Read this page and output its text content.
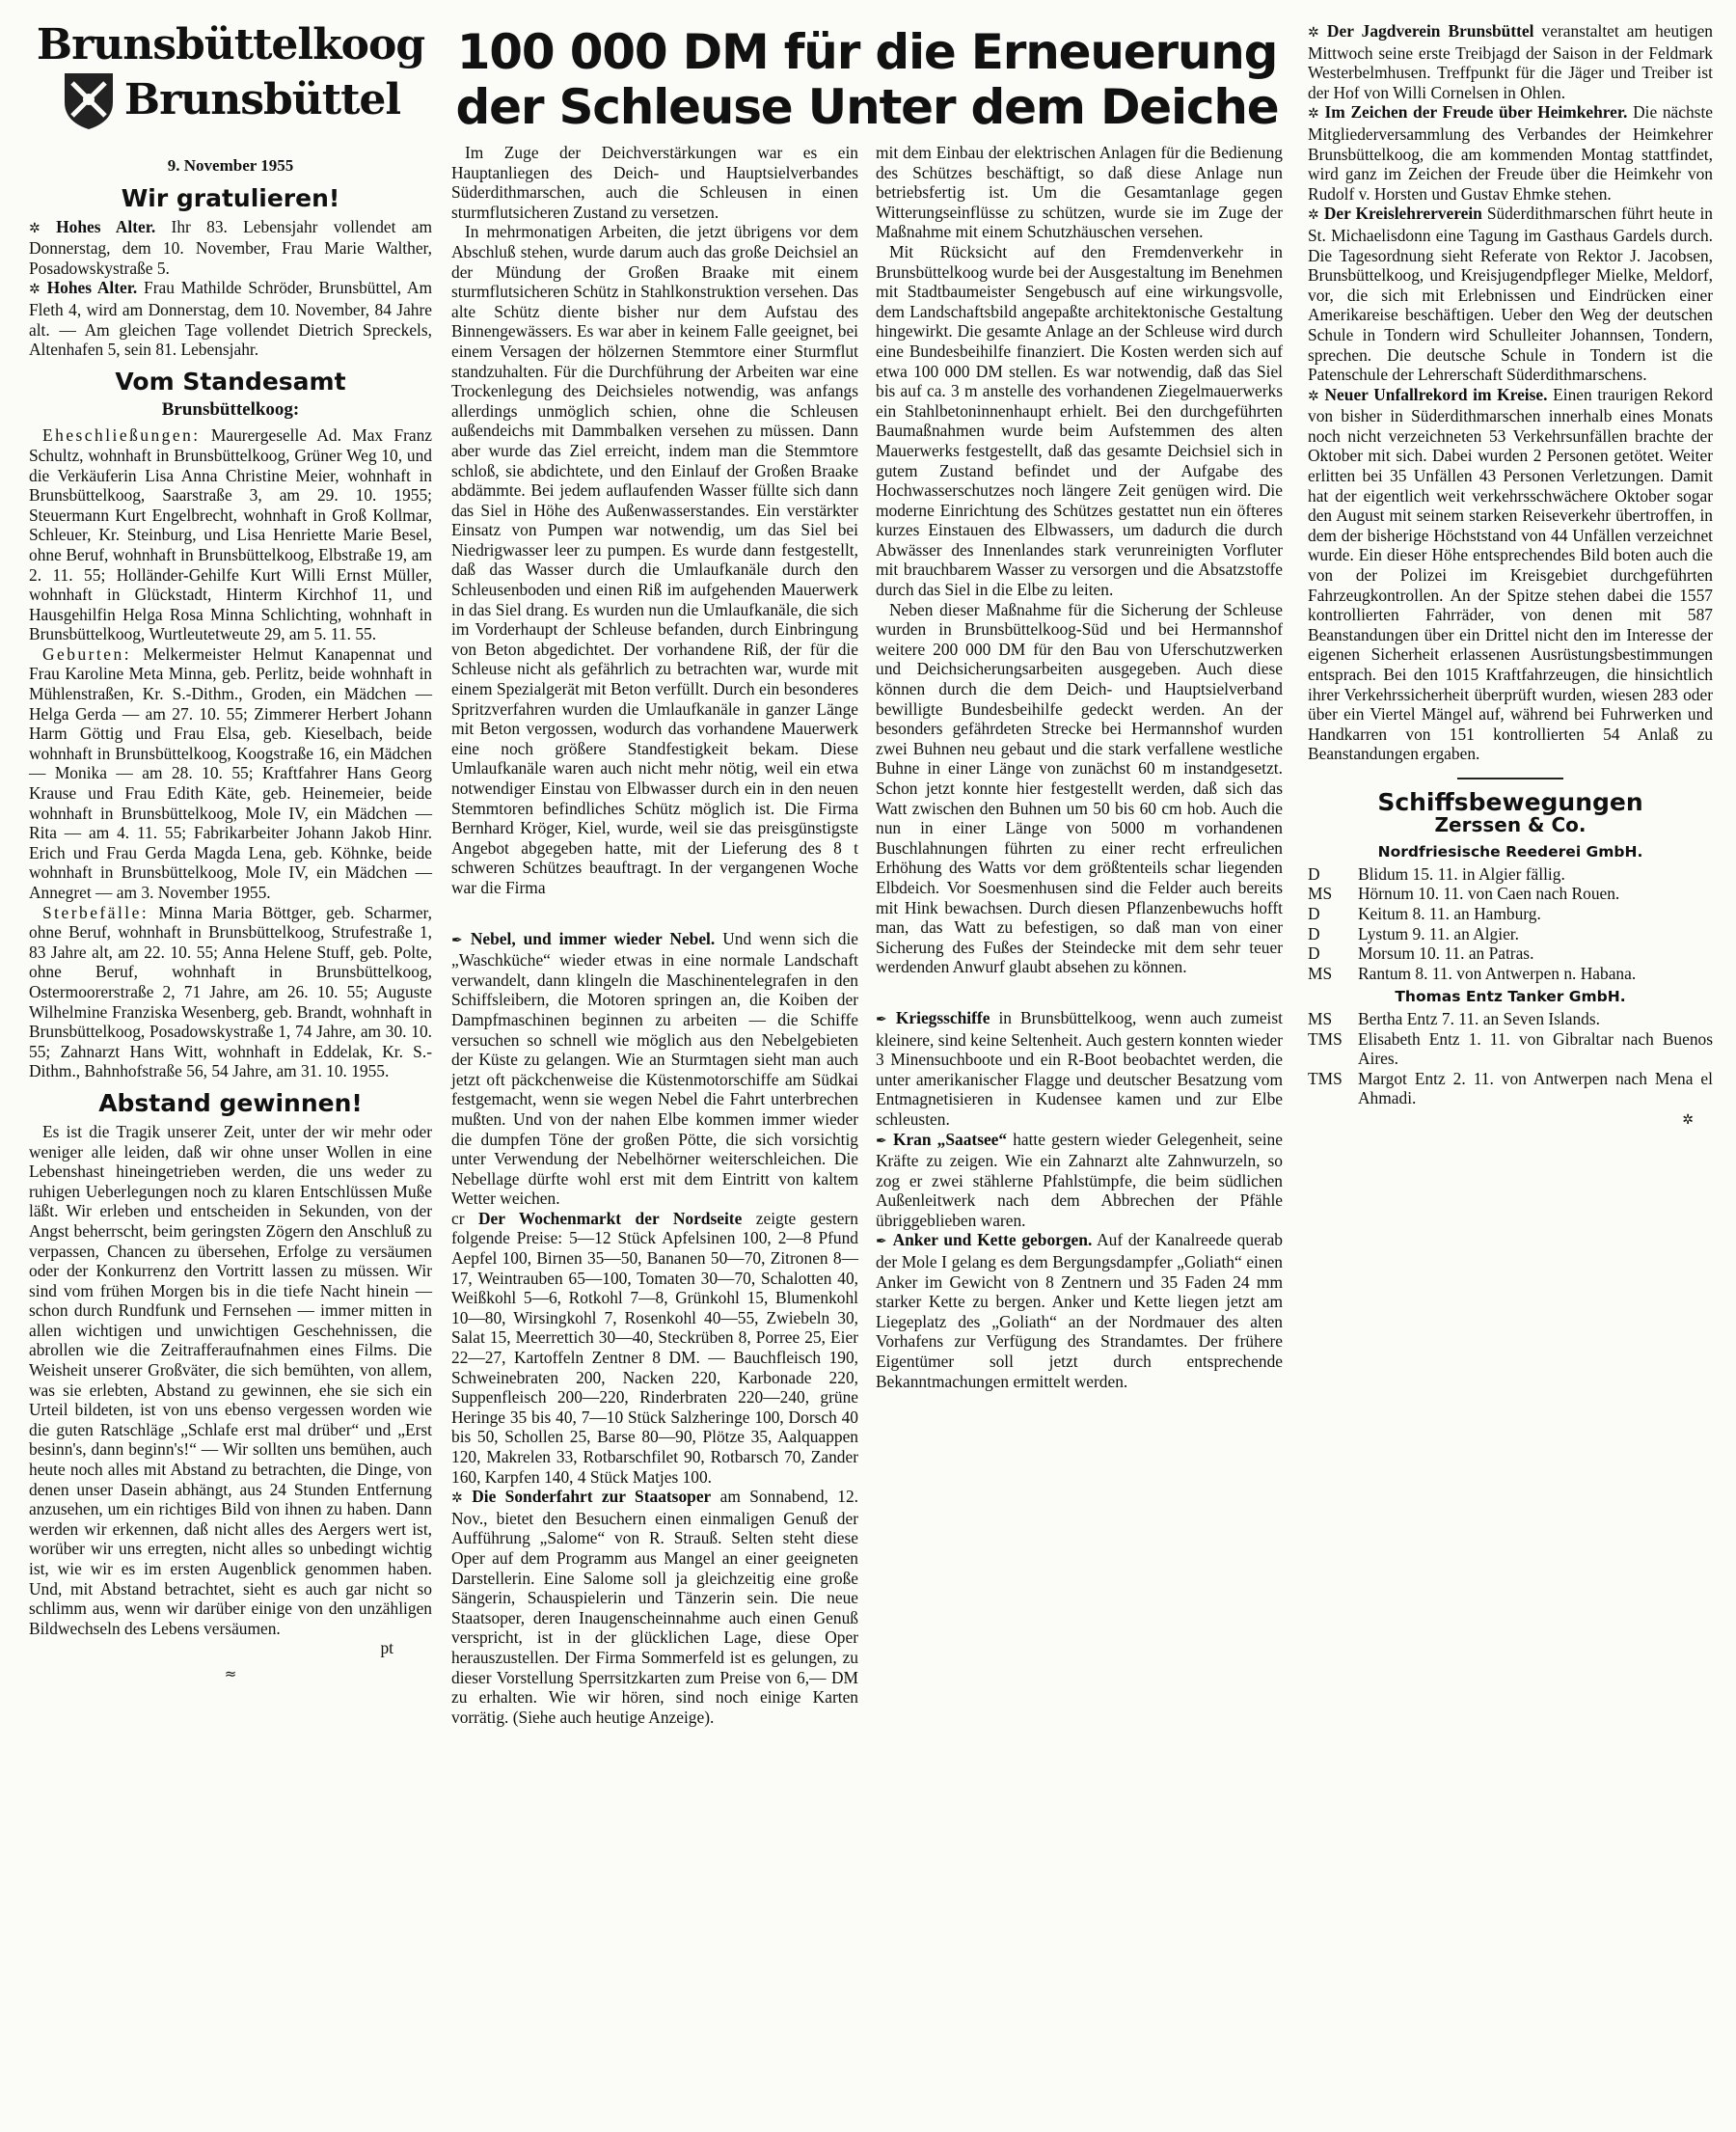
Brunsbüttelkoog
Brunsbüttel
9. November 1955
Wir gratulieren!

✲ Hohes Alter. Ihr 83. Lebensjahr vollendet am Donnerstag, dem 10. November, Frau Marie Walther, Posadowskystraße 5.

✲ Hohes Alter. Frau Mathilde Schröder, Brunsbüttel, Am Fleth 4, wird am Donnerstag, dem 10. November, 84 Jahre alt. — Am gleichen Tage vollendet Dietrich Spreckels, Altenhafen 5, sein 81. Lebensjahr.

Vom Standesamt
Brunsbüttelkoog:

Eheschließungen: Maurergeselle Ad. Max Franz Schultz, wohnhaft in Brunsbüttelkoog, Grüner Weg 10, und die Verkäuferin Lisa Anna Christine Meier, wohnhaft in Brunsbüttelkoog, Saarstraße 3, am 29. 10. 1955; Steuermann Kurt Engelbrecht, wohnhaft in Groß Kollmar, Schleuer, Kr. Steinburg, und Lisa Henriette Marie Besel, ohne Beruf, wohnhaft in Brunsbüttelkoog, Elbstraße 19, am 2. 11. 55; Holländer-Gehilfe Kurt Willi Ernst Müller, wohnhaft in Glückstadt, Hinterm Kirchhof 11, und Hausgehilfin Helga Rosa Minna Schlichting, wohnhaft in Brunsbüttelkoog, Wurtleutetweute 29, am 5. 11. 55.

Geburten: Melkermeister Helmut Kanapennat und Frau Karoline Meta Minna, geb. Perlitz, beide wohnhaft in Mühlenstraßen, Kr. S.-Dithm., Groden, ein Mädchen — Helga Gerda — am 27. 10. 55; Zimmerer Herbert Johann Harm Göttig und Frau Elsa, geb. Kieselbach, beide wohnhaft in Brunsbüttelkoog, Koogstraße 16, ein Mädchen — Monika — am 28. 10. 55; Kraftfahrer Hans Georg Krause und Frau Edith Käte, geb. Heinemeier, beide wohnhaft in Brunsbüttelkoog, Mole IV, ein Mädchen — Rita — am 4. 11. 55; Fabrikarbeiter Johann Jakob Hinr. Erich und Frau Gerda Magda Lena, geb. Köhnke, beide wohnhaft in Brunsbüttelkoog, Mole IV, ein Mädchen — Annegret — am 3. November 1955.

Sterbefälle: Minna Maria Böttger, geb. Scharmer, ohne Beruf, wohnhaft in Brunsbüttelkoog, Strufestraße 1, 83 Jahre alt, am 22. 10. 55; Anna Helene Stuff, geb. Polte, ohne Beruf, wohnhaft in Brunsbüttelkoog, Ostermoorerstraße 2, 71 Jahre, am 26. 10. 55; Auguste Wilhelmine Franziska Wesenberg, geb. Brandt, wohnhaft in Brunsbüttelkoog, Posadowskystraße 1, 74 Jahre, am 30. 10. 55; Zahnarzt Hans Witt, wohnhaft in Eddelak, Kr. S.-Dithm., Bahnhofstraße 56, 54 Jahre, am 31. 10. 1955.

Abstand gewinnen!

Es ist die Tragik unserer Zeit, unter der wir mehr oder weniger alle leiden, daß wir ohne unser Wollen in eine Lebenshast hineingetrieben werden, die uns weder zu ruhigen Ueberlegungen noch zu klaren Entschlüssen Muße läßt. Wir erleben und entscheiden in Sekunden, von der Angst beherrscht, beim geringsten Zögern den Anschluß zu verpassen, Chancen zu übersehen, Erfolge zu versäumen oder der Konkurrenz den Vortritt lassen zu müssen. Wir sind vom frühen Morgen bis in die tiefe Nacht hinein — schon durch Rundfunk und Fernsehen — immer mitten in allen wichtigen und unwichtigen Geschehnissen, die abrollen wie die Zeitrafferaufnahmen eines Films. Die Weisheit unserer Großväter, die sich bemühten, von allem, was sie erlebten, Abstand zu gewinnen, ehe sie sich ein Urteil bildeten, ist von uns ebenso vergessen worden wie die guten Ratschläge „Schlafe erst mal drüber“ und „Erst besinn's, dann beginn's!“ — Wir sollten uns bemühen, auch heute noch alles mit Abstand zu betrachten, die Dinge, von denen unser Dasein abhängt, aus 24 Stunden Entfernung anzusehen, um ein richtiges Bild von ihnen zu haben. Dann werden wir erkennen, daß nicht alles des Aergers wert ist, worüber wir uns erregten, nicht alles so unbedingt wichtig ist, wie wir es im ersten Augenblick genommen haben. Und, mit Abstand betrachtet, sieht es auch gar nicht so schlimm aus, wenn wir darüber einige von den unzähligen Bildwechseln des Lebens versäumen.

pt
≈
100 000 DM für die Erneuerung
der Schleuse Unter dem Deiche

Im Zuge der Deichverstärkungen war es ein Hauptanliegen des Deich- und Hauptsielverbandes Süderdithmarschen, auch die Schleusen in einen sturmflutsicheren Zustand zu versetzen.

In mehrmonatigen Arbeiten, die jetzt übrigens vor dem Abschluß stehen, wurde darum auch das große Deichsiel an der Mündung der Großen Braake mit einem sturmflutsicheren Schütz in Stahlkonstruktion versehen. Das alte Schütz diente bisher nur dem Aufstau des Binnengewässers. Es war aber in keinem Falle geeignet, bei einem Versagen der hölzernen Stemmtore einer Sturmflut standzuhalten. Für die Durchführung der Arbeiten war eine Trockenlegung des Deichsieles notwendig, was anfangs allerdings unmöglich schien, ohne die Schleusen außendeichs mit Dammbalken versehen zu müssen. Dann aber wurde das Ziel erreicht, indem man die Stemmtore schloß, sie abdichtete, und den Einlauf der Großen Braake abdämmte. Bei jedem auflaufenden Wasser füllte sich dann das Siel in Höhe des Außenwasserstandes. Ein verstärkter Einsatz von Pumpen war notwendig, um das Siel bei Niedrigwasser leer zu pumpen. Es wurde dann festgestellt, daß das Wasser durch die Umlaufkanäle durch den Schleusenboden und einen Riß im aufgehenden Mauerwerk in das Siel drang. Es wurden nun die Umlaufkanäle, die sich im Vorderhaupt der Schleuse befanden, durch Einbringung von Beton abgedichtet. Der vorhandene Riß, der für die Schleuse nicht als gefährlich zu betrachten war, wurde mit einem Spezialgerät mit Beton verfüllt. Durch ein besonderes Spritzverfahren wurden die Umlaufkanäle in ganzer Länge mit Beton vergossen, wodurch das vorhandene Mauerwerk eine noch größere Standfestigkeit bekam. Diese Umlaufkanäle waren auch nicht mehr nötig, weil ein etwa notwendiger Einstau von Elbwasser durch ein in den neuen Stemmtoren befindliches Schütz möglich ist. Die Firma Bernhard Kröger, Kiel, wurde, weil sie das preisgünstigste Angebot abgegeben hatte, mit der Lieferung des 8 t schweren Schützes beauftragt. In der vergangenen Woche war die Firma

✒ Nebel, und immer wieder Nebel. Und wenn sich die „Waschküche“ wieder etwas in eine normale Landschaft verwandelt, dann klingeln die Maschinentelegrafen in den Schiffsleibern, die Motoren springen an, die Koiben der Dampfmaschinen beginnen zu arbeiten — die Schiffe versuchen so schnell wie möglich aus den Nebelgebieten der Küste zu gelangen. Wie an Sturmtagen sieht man auch jetzt oft päckchenweise die Küstenmotorschiffe am Südkai festgemacht, wenn sie wegen Nebel die Fahrt unterbrechen mußten. Und von der nahen Elbe kommen immer wieder die dumpfen Töne der großen Pötte, die sich vorsichtig unter Verwendung der Nebelhörner weiterschleichen. Die Nebellage dürfte wohl erst mit dem Eintritt von kaltem Wetter weichen.

cr Der Wochenmarkt der Nordseite zeigte gestern folgende Preise: 5—12 Stück Apfelsinen 100, 2—8 Pfund Aepfel 100, Birnen 35—50, Bananen 50—70, Zitronen 8—17, Weintrauben 65—100, Tomaten 30—70, Schalotten 40, Weißkohl 5—6, Rotkohl 7—8, Grünkohl 15, Blumenkohl 10—80, Wirsingkohl 7, Rosenkohl 40—55, Zwiebeln 30, Salat 15, Meerrettich 30—40, Steckrüben 8, Porree 25, Eier 22—27, Kartoffeln Zentner 8 DM. — Bauchfleisch 190, Schweinebraten 200, Nacken 220, Karbonade 220, Suppenfleisch 200—220, Rinderbraten 220—240, grüne Heringe 35 bis 40, 7—10 Stück Salzheringe 100, Dorsch 40 bis 50, Schollen 25, Barse 80—90, Plötze 35, Aalquappen 120, Makrelen 33, Rotbarschfilet 90, Rotbarsch 70, Zander 160, Karpfen 140, 4 Stück Matjes 100.

✲ Die Sonderfahrt zur Staatsoper am Sonnabend, 12. Nov., bietet den Besuchern einen einmaligen Genuß der Aufführung „Salome“ von R. Strauß. Selten steht diese Oper auf dem Programm aus Mangel an einer geeigneten Darstellerin. Eine Salome soll ja gleichzeitig eine große Sängerin, Schauspielerin und Tänzerin sein. Die neue Staatsoper, deren Inaugenscheinnahme auch einen Genuß verspricht, ist in der glücklichen Lage, diese Oper herauszustellen. Der Firma Sommerfeld ist es gelungen, zu dieser Vorstellung Sperrsitzkarten zum Preise von 6,— DM zu erhalten. Wie wir hören, sind noch einige Karten vorrätig. (Siehe auch heutige Anzeige).

mit dem Einbau der elektrischen Anlagen für die Bedienung des Schützes beschäftigt, so daß diese Anlage nun betriebsfertig ist. Um die Gesamtanlage gegen Witterungseinflüsse zu schützen, wurde sie im Zuge der Maßnahme mit einem Schutzhäuschen versehen.

Mit Rücksicht auf den Fremdenverkehr in Brunsbüttelkoog wurde bei der Ausgestaltung im Benehmen mit Stadtbaumeister Sengebusch auf eine wirkungsvolle, dem Landschaftsbild angepaßte architektonische Gestaltung hingewirkt. Die gesamte Anlage an der Schleuse wird durch eine Bundesbeihilfe finanziert. Die Kosten werden sich auf etwa 100 000 DM stellen. Es war notwendig, daß das Siel bis auf ca. 3 m anstelle des vorhandenen Ziegelmauerwerks ein Stahlbetoninnenhaupt erhielt. Bei den durchgeführten Baumaßnahmen wurde beim Aufstemmen des alten Mauerwerks festgestellt, daß das gesamte Deichsiel sich in gutem Zustand befindet und der Aufgabe des Hochwasserschutzes noch längere Zeit genügen wird. Die moderne Einrichtung des Schützes gestattet nun ein öfteres kurzes Einstauen des Elbwassers, um dadurch die durch Abwässer des Innenlandes stark verunreinigten Vorfluter mit brauchbarem Wasser zu versorgen und die Absatzstoffe durch das Siel in die Elbe zu leiten.

Neben dieser Maßnahme für die Sicherung der Schleuse wurden in Brunsbüttelkoog-Süd und bei Hermannshof weitere 200 000 DM für den Bau von Uferschutzwerken und Deichsicherungsarbeiten ausgegeben. Auch diese können durch die dem Deich- und Hauptsielverband bewilligte Bundesbeihilfe gedeckt werden. An der besonders gefährdeten Strecke bei Hermannshof wurden zwei Buhnen neu gebaut und die stark verfallene westliche Buhne in einer Länge von zunächst 60 m instandgesetzt. Schon jetzt konnte hier festgestellt werden, daß sich das Watt zwischen den Buhnen um 50 bis 60 cm hob. Auch die nun in einer Länge von 5000 m vorhandenen Buschlahnungen führten zu einer recht erfreulichen Erhöhung des Watts vor dem größtenteils schar liegenden Elbdeich. Vor Soesmenhusen sind die Felder auch bereits mit Hink bewachsen. Durch diesen Pflanzenbewuchs hofft man, das Watt zu befestigen, so daß man von einer Sicherung des Fußes der Steindecke mit dem sehr teuer werdenden Anwurf glaubt absehen zu können.

✒ Kriegsschiffe in Brunsbüttelkoog, wenn auch zumeist kleinere, sind keine Seltenheit. Auch gestern konnten wieder 3 Minensuchboote und ein R-Boot beobachtet werden, die unter amerikanischer Flagge und deutscher Besatzung vom Entmagnetisieren in Kudensee kamen und zur Elbe schleusten.

✒ Kran „Saatsee“ hatte gestern wieder Gelegenheit, seine Kräfte zu zeigen. Wie ein Zahnarzt alte Zahnwurzeln, so zog er zwei stählerne Pfahlstümpfe, die beim südlichen Außenleitwerk nach dem Abbrechen der Pfähle übriggeblieben waren.

✒ Anker und Kette geborgen. Auf der Kanalreede querab der Mole I gelang es dem Bergungsdampfer „Goliath“ einen Anker im Gewicht von 8 Zentnern und 35 Faden 24 mm starker Kette zu bergen. Anker und Kette liegen jetzt am Liegeplatz des „Goliath“ an der Nordmauer des alten Vorhafens zur Verfügung des Strandamtes. Der frühere Eigentümer soll jetzt durch entsprechende Bekanntmachungen ermittelt werden.

✲ Der Jagdverein Brunsbüttel veranstaltet am heutigen Mittwoch seine erste Treibjagd der Saison in der Feldmark Westerbelmhusen. Treffpunkt für die Jäger und Treiber ist der Hof von Willi Cornelsen in Ohlen.

✲ Im Zeichen der Freude über Heimkehrer. Die nächste Mitgliederversammlung des Verbandes der Heimkehrer Brunsbüttelkoog, die am kommenden Montag stattfindet, wird ganz im Zeichen der Freude über die Heimkehr von Rudolf v. Horsten und Gustav Ehmke stehen.

✲ Der Kreislehrerverein Süderdithmarschen führt heute in St. Michaelisdonn eine Tagung im Gasthaus Gardels durch. Die Tagesordnung sieht Referate von Rektor J. Jacobsen, Brunsbüttelkoog, und Kreisjugendpfleger Mielke, Meldorf, vor, die sich mit Erlebnissen und Eindrücken einer Amerikareise beschäftigen. Ueber den Weg der deutschen Schule in Tondern wird Schulleiter Johannsen, Tondern, sprechen. Die deutsche Schule in Tondern ist die Patenschule der Lehrerschaft Süderdithmarschens.

✲ Neuer Unfallrekord im Kreise. Einen traurigen Rekord von bisher in Süderdithmarschen innerhalb eines Monats noch nicht verzeichneten 53 Verkehrsunfällen brachte der Oktober mit sich. Dabei wurden 2 Personen getötet. Weiter erlitten bei 35 Unfällen 43 Personen Verletzungen. Damit hat der eigentlich weit verkehrsschwächere Oktober sogar den August mit seinem starken Reiseverkehr übertroffen, in dem der bisherige Höchststand von 44 Unfällen verzeichnet wurde. Ein dieser Höhe entsprechendes Bild boten auch die von der Polizei im Kreisgebiet durchgeführten Fahrzeugkontrollen. An der Spitze stehen dabei die 1557 kontrollierten Fahrräder, von denen mit 587 Beanstandungen über ein Drittel nicht den im Interesse der eigenen Sicherheit erlassenen Ausrüstungsbestimmungen entsprach. Bei den 1015 Kraftfahrzeugen, die hinsichtlich ihrer Verkehrssicherheit überprüft wurden, wiesen 283 oder über ein Viertel Mängel auf, während bei Fuhrwerken und Handkarren von 151 kontrollierten 54 Anlaß zu Beanstandungen ergaben.

Schiffsbewegungen
Zerssen & Co.
Nordfriesische Reederei GmbH.
D	Blidum 15. 11. in Algier fällig.
MS	Hörnum 10. 11. von Caen nach Rouen.
D	Keitum 8. 11. an Hamburg.
D	Lystum 9. 11. an Algier.
D	Morsum 10. 11. an Patras.
MS	Rantum 8. 11. von Antwerpen n. Habana.
Thomas Entz Tanker GmbH.
MS	Bertha Entz 7. 11. an Seven Islands.
TMS Elisabeth Entz 1. 11. von Gibraltar nach Buenos Aires.
TMS Margot Entz 2. 11. von Antwerpen nach Mena el Ahmadi.
✲
